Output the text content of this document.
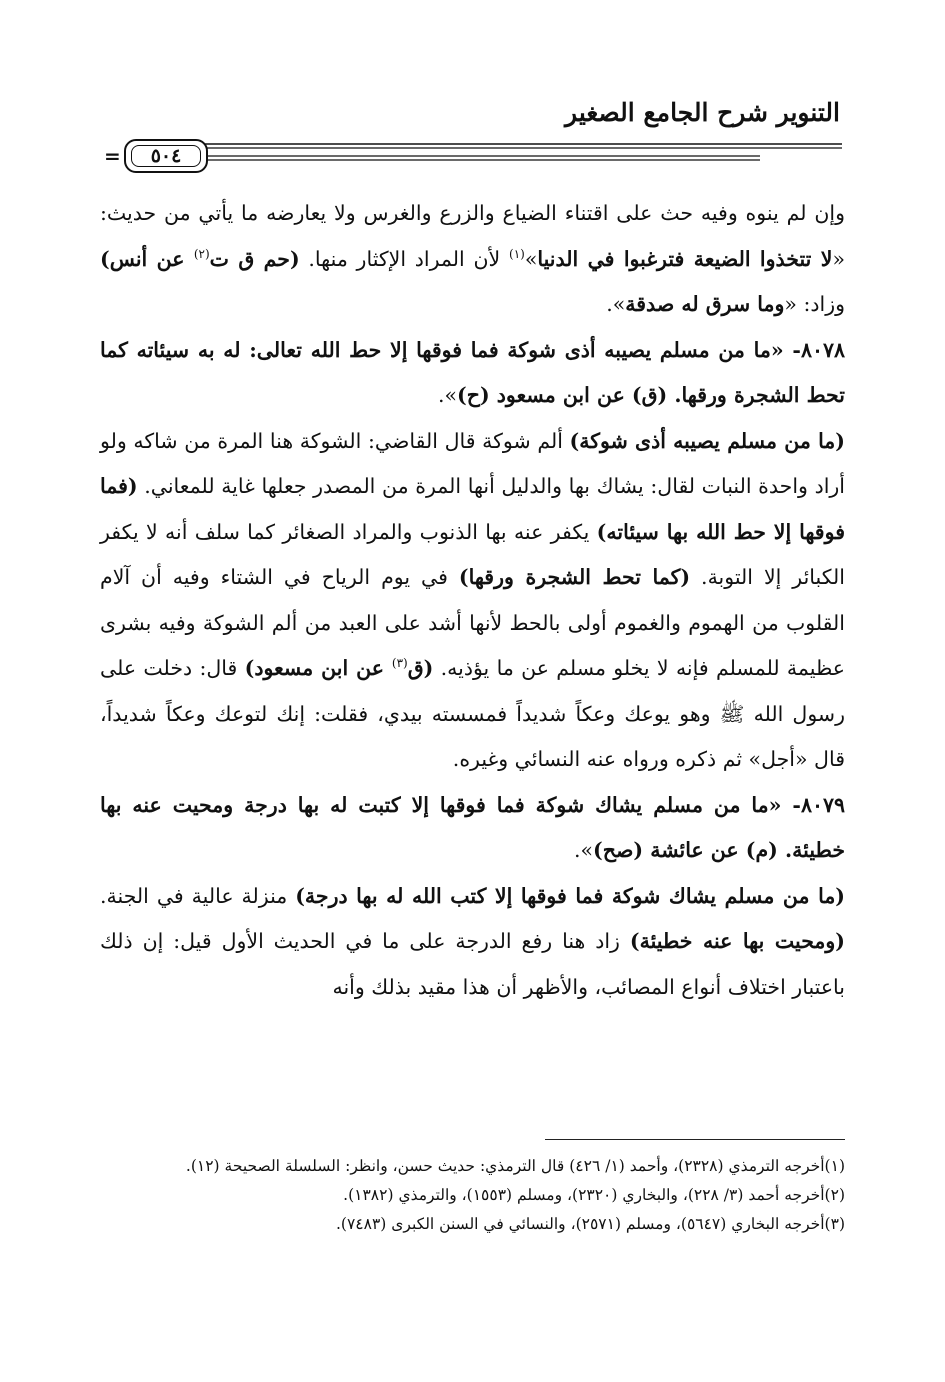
التنوير شرح الجامع الصغير
= ٥٠٤

وإن لم ينوه وفيه حث على اقتناء الضياع والزرع والغرس ولا يعارضه ما يأتي من حديث: «لا تتخذوا الضيعة فترغبوا في الدنيا»$^{(١)}$ لأن المراد الإكثار منها. (حم ق ت$^{(٢)}$ عن أنس) وزاد: «وما سرق له صدقة».

٨٠٧٨- «ما من مسلم يصيبه أذى شوكة فما فوقها إلا حط الله تعالى: له به سيئاته كما تحط الشجرة ورقها. (ق) عن ابن مسعود (ح)».

(ما من مسلم يصيبه أذى شوكة) ألم شوكة قال القاضي: الشوكة هنا المرة من شاكه ولو أراد واحدة النبات لقال: يشاك بها والدليل أنها المرة من المصدر جعلها غاية للمعاني. (فما فوقها إلا حط الله بها سيئاته) يكفر عنه بها الذنوب والمراد الصغائر كما سلف أنه لا يكفر الكبائر إلا التوبة. (كما تحط الشجرة ورقها) في يوم الرياح في الشتاء وفيه أن آلام القلوب من الهموم والغموم أولى بالحط لأنها أشد على العبد من ألم الشوكة وفيه بشرى عظيمة للمسلم فإنه لا يخلو مسلم عن ما يؤذيه. (ق$^{(٣)}$ عن ابن مسعود) قال: دخلت على رسول الله ﷺ وهو يوعك وعكاً شديداً فمسسته بيدي، فقلت: إنك لتوعك وعكاً شديداً، قال «أجل» ثم ذكره ورواه عنه النسائي وغيره.

٨٠٧٩- «ما من مسلم يشاك شوكة فما فوقها إلا كتبت له بها درجة ومحيت عنه بها خطيئة. (م) عن عائشة (صح)».

(ما من مسلم يشاك شوكة فما فوقها إلا كتب الله له بها درجة) منزلة عالية في الجنة. (ومحيت بها عنه خطيئة) زاد هنا رفع الدرجة على ما في الحديث الأول قيل: إن ذلك باعتبار اختلاف أنواع المصائب، والأظهر أن هذا مقيد بذلك وأنه

(١)أخرجه الترمذي (٢٣٢٨)، وأحمد (١/ ٤٢٦) قال الترمذي: حديث حسن، وانظر: السلسلة الصحيحة (١٢).

(٢)أخرجه أحمد (٣/ ٢٢٨)، والبخاري (٢٣٢٠)، ومسلم (١٥٥٣)، والترمذي (١٣٨٢).

(٣)أخرجه البخاري (٥٦٤٧)، ومسلم (٢٥٧١)، والنسائي في السنن الكبرى (٧٤٨٣).
